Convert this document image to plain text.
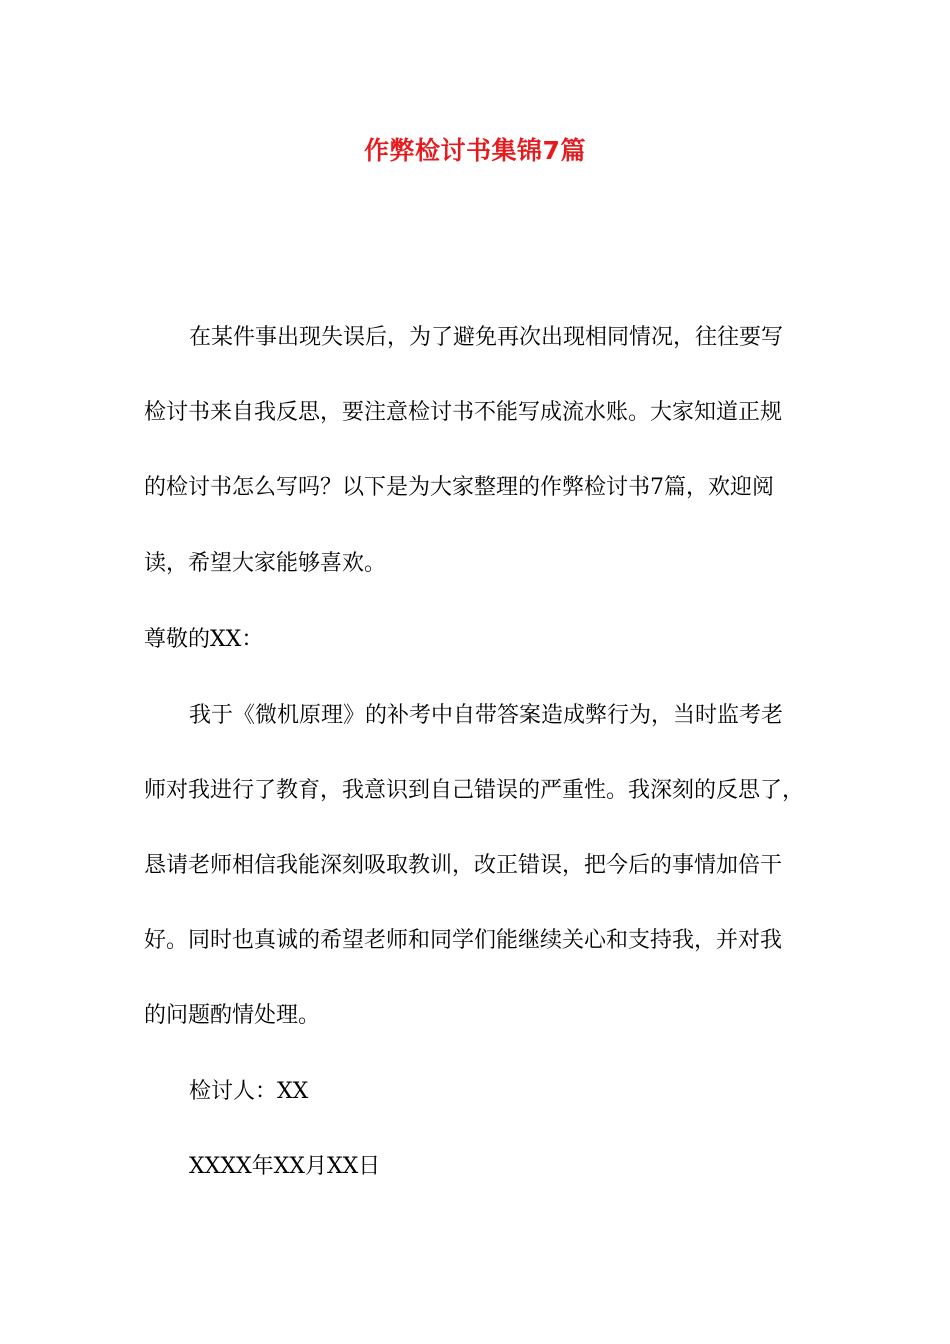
作弊检讨书集锦7篇
在某件事出现失误后，为了避免再次出现相同情况，往往要写
检讨书来自我反思，要注意检讨书不能写成流水账。大家知道正规
的检讨书怎么写吗？以下是为大家整理的作弊检讨书7篇，欢迎阅
读，希望大家能够喜欢。
尊敬的XX：
我于《微机原理》的补考中自带答案造成弊行为，当时监考老
师对我进行了教育，我意识到自己错误的严重性。我深刻的反思了，
恳请老师相信我能深刻吸取教训，改正错误，把今后的事情加倍干
好。同时也真诚的希望老师和同学们能继续关心和支持我，并对我
的问题酌情处理。
检讨人：XX
XXXX年XX月XX日
